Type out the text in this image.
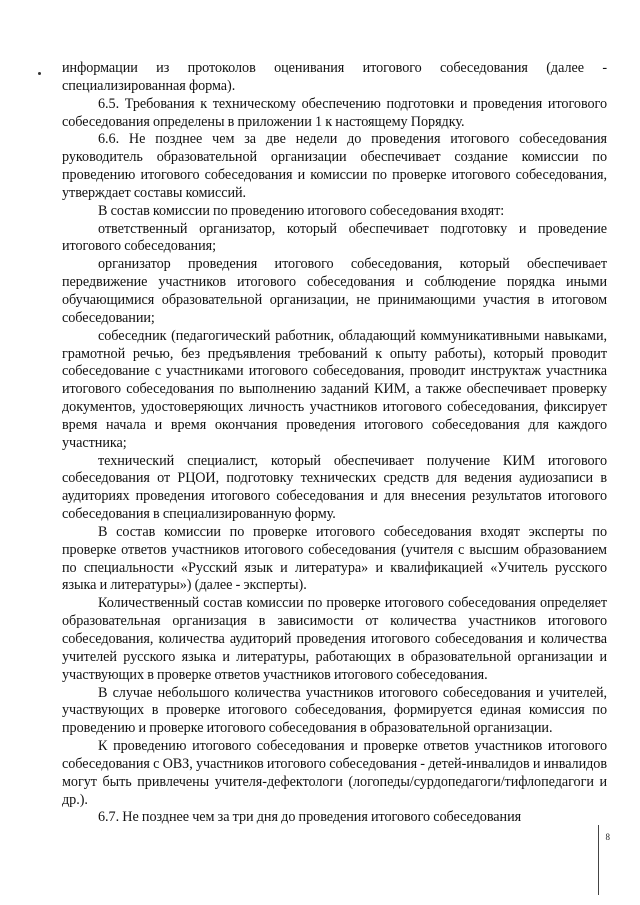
информации из протоколов оценивания итогового собеседования (далее - специализированная форма).

6.5. Требования к техническому обеспечению подготовки и проведения итогового собеседования определены в приложении 1 к настоящему Порядку.

6.6. Не позднее чем за две недели до проведения итогового собеседования руководитель образовательной организации обеспечивает создание комиссии по проведению итогового собеседования и комиссии по проверке итогового собеседования, утверждает составы комиссий.

В состав комиссии по проведению итогового собеседования входят:

ответственный организатор, который обеспечивает подготовку и проведение итогового собеседования;

организатор проведения итогового собеседования, который обеспечивает передвижение участников итогового собеседования и соблюдение порядка иными обучающимися образовательной организации, не принимающими участия в итоговом собеседовании;

собеседник (педагогический работник, обладающий коммуникативными навыками, грамотной речью, без предъявления требований к опыту работы), который проводит собеседование с участниками итогового собеседования, проводит инструктаж участника итогового собеседования по выполнению заданий КИМ, а также обеспечивает проверку документов, удостоверяющих личность участников итогового собеседования, фиксирует время начала и время окончания проведения итогового собеседования для каждого участника;

технический специалист, который обеспечивает получение КИМ итогового собеседования от РЦОИ, подготовку технических средств для ведения аудиозаписи в аудиториях проведения итогового собеседования и для внесения результатов итогового собеседования в специализированную форму.

В состав комиссии по проверке итогового собеседования входят эксперты по проверке ответов участников итогового собеседования (учителя с высшим образованием по специальности «Русский язык и литература» и квалификацией «Учитель русского языка и литературы») (далее - эксперты).

Количественный состав комиссии по проверке итогового собеседования определяет образовательная организация в зависимости от количества участников итогового собеседования, количества аудиторий проведения итогового собеседования и количества учителей русского языка и литературы, работающих в образовательной организации и участвующих в проверке ответов участников итогового собеседования.

В случае небольшого количества участников итогового собеседования и учителей, участвующих в проверке итогового собеседования, формируется единая комиссия по проведению и проверке итогового собеседования в образовательной организации.

К проведению итогового собеседования и проверке ответов участников итогового собеседования с ОВЗ, участников итогового собеседования - детей-инвалидов и инвалидов могут быть привлечены учителя-дефектологи (логопеды/сурдопедагоги/тифлопедагоги и др.).

6.7. Не позднее чем за три дня до проведения итогового собеседования

8
